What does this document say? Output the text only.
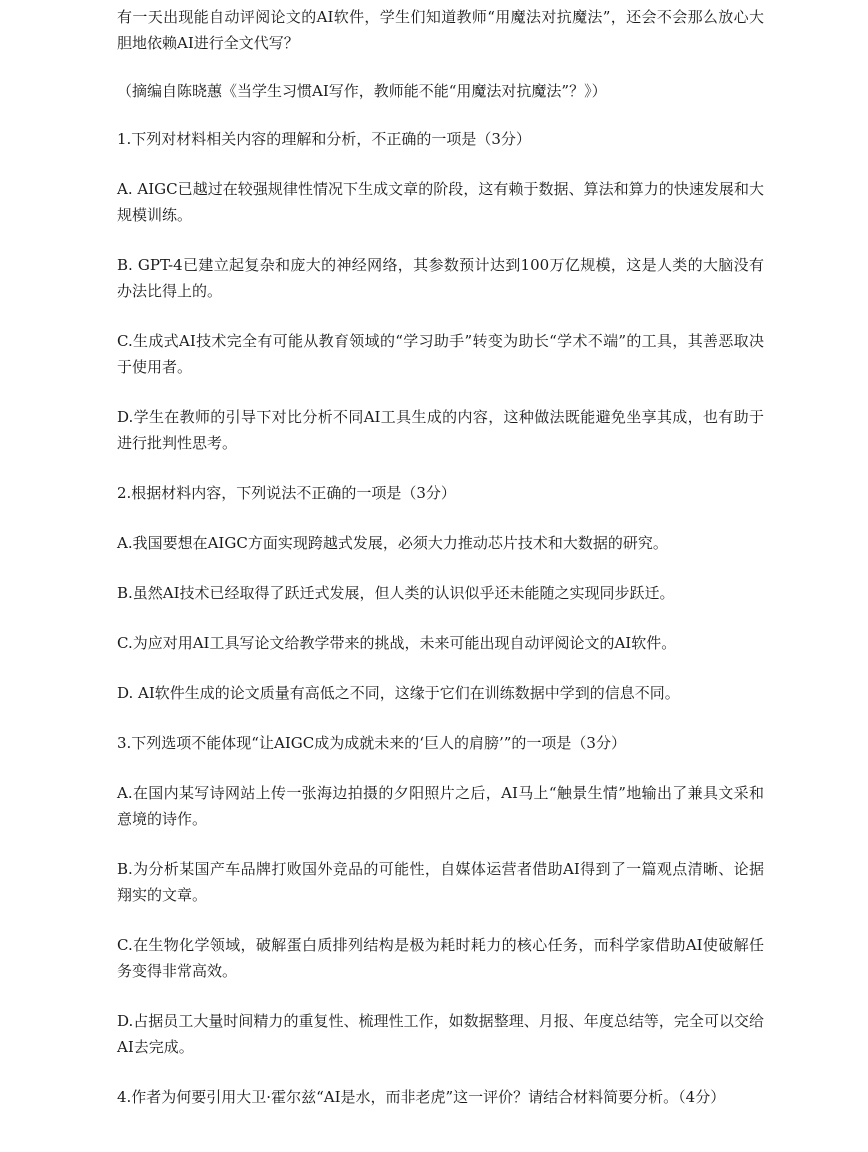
有一天出现能自动评阅论文的AI软件，学生们知道教师“用魔法对抗魔法”，还会不会那么放心大胆地依赖AI进行全文代写？

（摘编自陈晓蕙《当学生习惯AI写作，教师能不能“用魔法对抗魔法”？》）

1.下列对材料相关内容的理解和分析，不正确的一项是（3分）

A. AIGC已越过在较强规律性情况下生成文章的阶段，这有赖于数据、算法和算力的快速发展和大规模训练。

B. GPT-4已建立起复杂和庞大的神经网络，其参数预计达到100万亿规模，这是人类的大脑没有办法比得上的。

C.生成式AI技术完全有可能从教育领域的“学习助手”转变为助长“学术不端”的工具，其善恶取决于使用者。

D.学生在教师的引导下对比分析不同AI工具生成的内容，这种做法既能避免坐享其成，也有助于进行批判性思考。

2.根据材料内容，下列说法不正确的一项是（3分）

A.我国要想在AIGC方面实现跨越式发展，必须大力推动芯片技术和大数据的研究。

B.虽然AI技术已经取得了跃迁式发展，但人类的认识似乎还未能随之实现同步跃迁。

C.为应对用AI工具写论文给教学带来的挑战，未来可能出现自动评阅论文的AI软件。

D. AI软件生成的论文质量有高低之不同，这缘于它们在训练数据中学到的信息不同。

3.下列选项不能体现“让AIGC成为成就未来的‘巨人的肩膀’”的一项是（3分）

A.在国内某写诗网站上传一张海边拍摄的夕阳照片之后，AI马上“触景生情”地输出了兼具文采和意境的诗作。

B.为分析某国产车品牌打败国外竞品的可能性，自媒体运营者借助AI得到了一篇观点清晰、论据翔实的文章。

C.在生物化学领域，破解蛋白质排列结构是极为耗时耗力的核心任务，而科学家借助AI使破解任务变得非常高效。

D.占据员工大量时间精力的重复性、梳理性工作，如数据整理、月报、年度总结等，完全可以交给AI去完成。

4.作者为何要引用大卫·霍尔兹“AI是水，而非老虎”这一评价？请结合材料简要分析。（4分）
